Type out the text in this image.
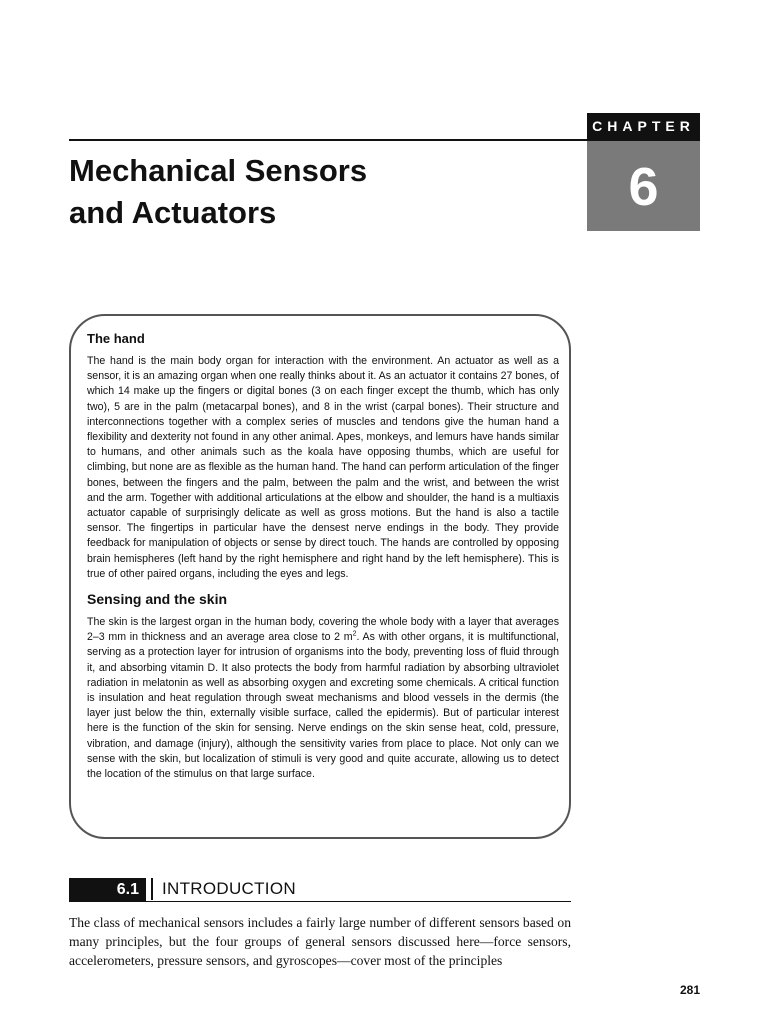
CHAPTER
6
Mechanical Sensors
and Actuators
The hand

The hand is the main body organ for interaction with the environment. An actuator as well as a sensor, it is an amazing organ when one really thinks about it. As an actuator it contains 27 bones, of which 14 make up the fingers or digital bones (3 on each finger except the thumb, which has only two), 5 are in the palm (metacarpal bones), and 8 in the wrist (carpal bones). Their structure and interconnections together with a complex series of muscles and tendons give the human hand a flexibility and dexterity not found in any other animal. Apes, monkeys, and lemurs have hands similar to humans, and other animals such as the koala have opposing thumbs, which are useful for climbing, but none are as flexible as the human hand. The hand can perform articulation of the finger bones, between the fingers and the palm, between the palm and the wrist, and between the wrist and the arm. Together with additional articulations at the elbow and shoulder, the hand is a multiaxis actuator capable of surprisingly delicate as well as gross motions. But the hand is also a tactile sensor. The fingertips in particular have the densest nerve endings in the body. They provide feedback for manipulation of objects or sense by direct touch. The hands are controlled by opposing brain hemispheres (left hand by the right hemisphere and right hand by the left hemisphere). This is true of other paired organs, including the eyes and legs.

Sensing and the skin

The skin is the largest organ in the human body, covering the whole body with a layer that averages 2–3 mm in thickness and an average area close to 2 $m^2$. As with other organs, it is multifunctional, serving as a protection layer for intrusion of organisms into the body, preventing loss of fluid through it, and absorbing vitamin D. It also protects the body from harmful radiation by absorbing ultraviolet radiation in melatonin as well as absorbing oxygen and excreting some chemicals. A critical function is insulation and heat regulation through sweat mechanisms and blood vessels in the dermis (the layer just below the thin, externally visible surface, called the epidermis). But of particular interest here is the function of the skin for sensing. Nerve endings on the skin sense heat, cold, pressure, vibration, and damage (injury), although the sensitivity varies from place to place. Not only can we sense with the skin, but localization of stimuli is very good and quite accurate, allowing us to detect the location of the stimulus on that large surface.

6.1 INTRODUCTION

The class of mechanical sensors includes a fairly large number of different sensors based on many principles, but the four groups of general sensors discussed here—force sensors, accelerometers, pressure sensors, and gyroscopes—cover most of the principles

281
